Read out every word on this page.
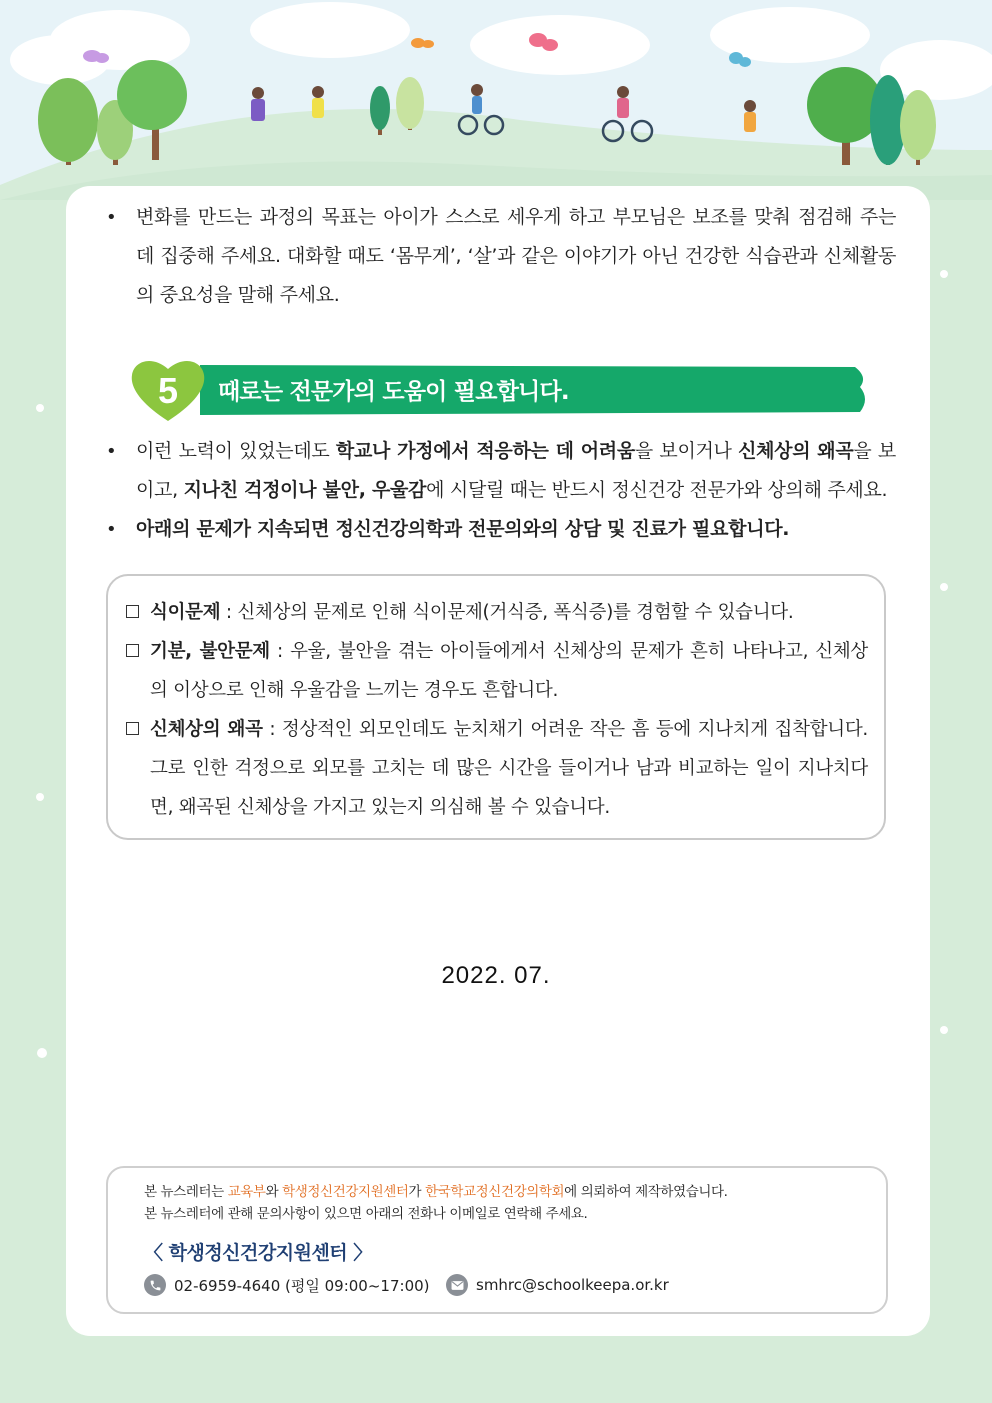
• 변화를 만드는 과정의 목표는 아이가 스스로 세우게 하고 부모님은 보조를 맞춰 점검해 주는 데 집중해 주세요. 대화할 때도 ‘몸무게’, ‘살’과 같은 이야기가 아닌 건강한 식습관과 신체활동의 중요성을 말해 주세요.
5 때로는 전문가의 도움이 필요합니다.
• 이런 노력이 있었는데도 학교나 가정에서 적응하는 데 어려움을 보이거나 신체상의 왜곡을 보이고, 지나친 걱정이나 불안, 우울감에 시달릴 때는 반드시 정신건강 전문가와 상의해 주세요.
• 아래의 문제가 지속되면 정신건강의학과 전문의와의 상담 및 진료가 필요합니다.
식이문제 : 신체상의 문제로 인해 식이문제(거식증, 폭식증)를 경험할 수 있습니다.
기분, 불안문제 : 우울, 불안을 겪는 아이들에게서 신체상의 문제가 흔히 나타나고, 신체상의 이상으로 인해 우울감을 느끼는 경우도 흔합니다.
신체상의 왜곡 : 정상적인 외모인데도 눈치채기 어려운 작은 흠 등에 지나치게 집착합니다. 그로 인한 걱정으로 외모를 고치는 데 많은 시간을 들이거나 남과 비교하는 일이 지나치다면, 왜곡된 신체상을 가지고 있는지 의심해 볼 수 있습니다.
2022. 07.
본 뉴스레터는 교육부와 학생정신건강지원센터가 한국학교정신건강의학회에 의뢰하여 제작하였습니다.
본 뉴스레터에 관해 문의사항이 있으면 아래의 전화나 이메일로 연락해 주세요.
〈 학생정신건강지원센터 〉
02-6959-4640 (평일 09:00~17:00)	smhrc@schoolkeepa.or.kr
